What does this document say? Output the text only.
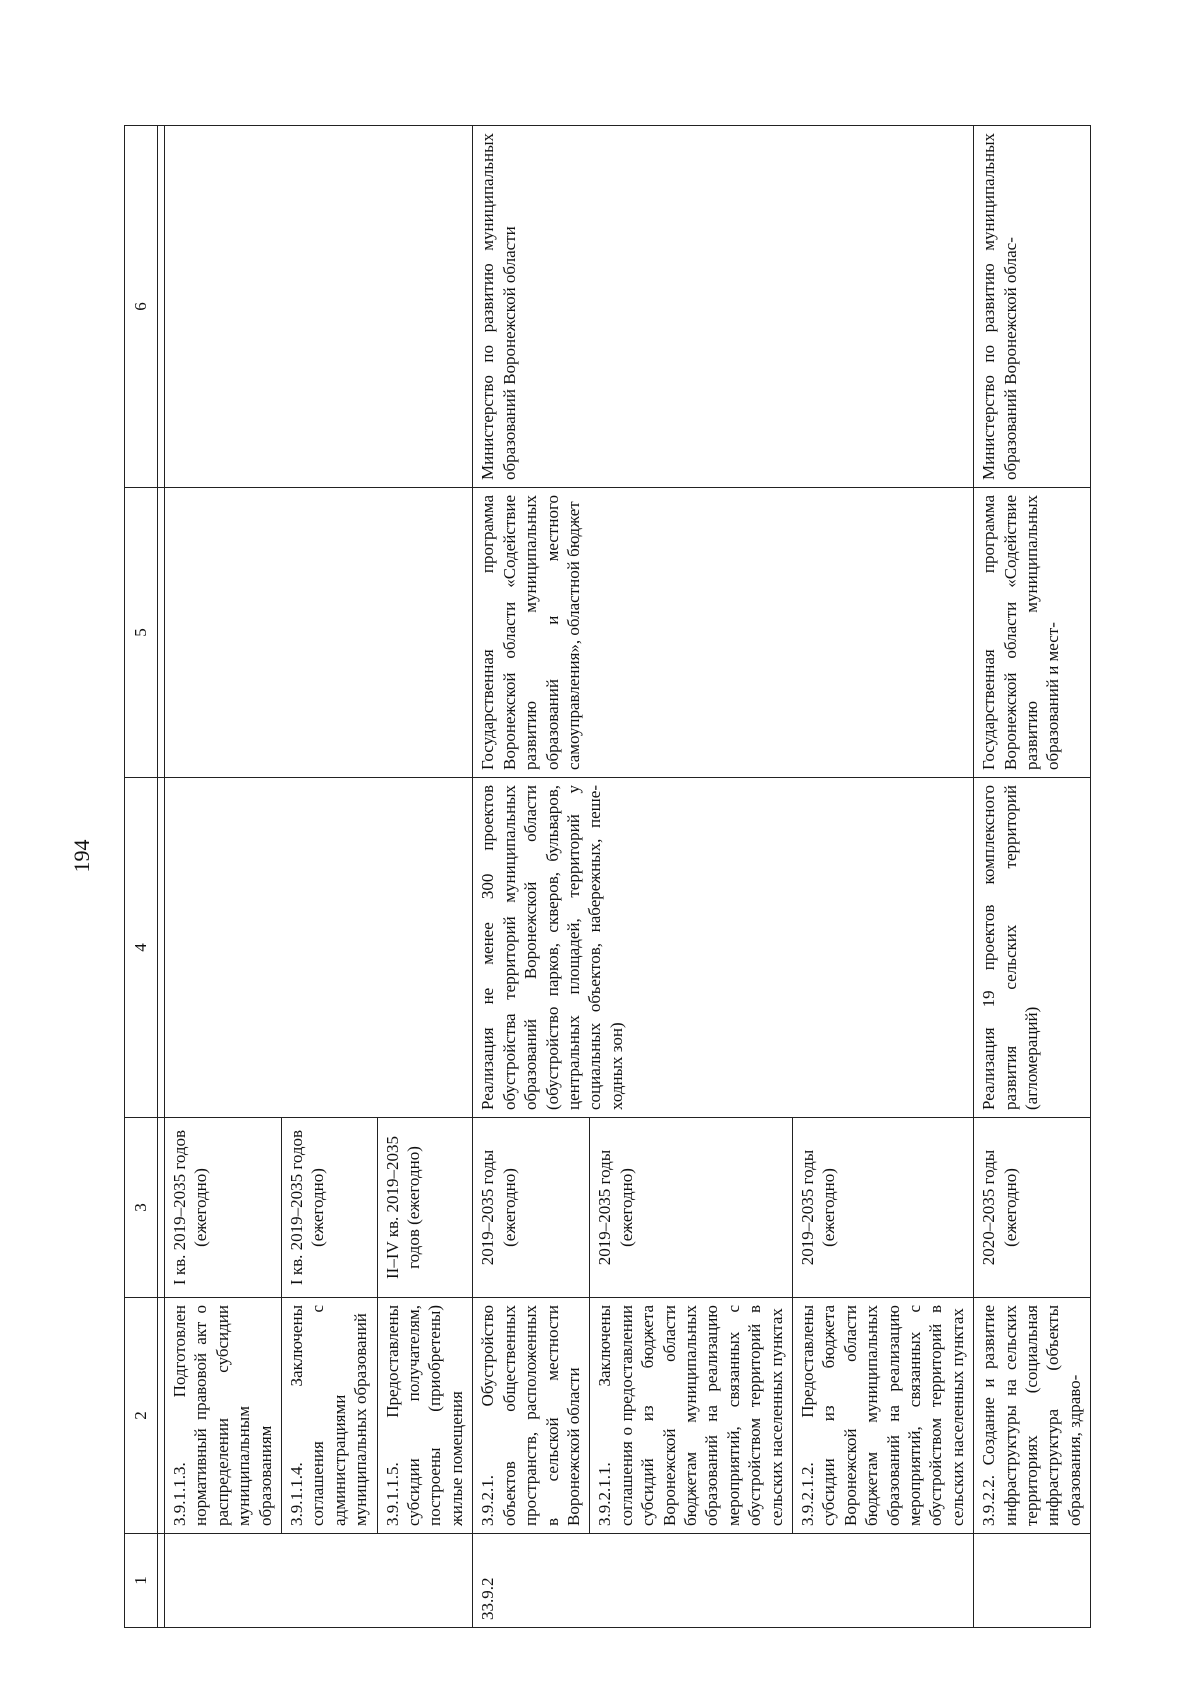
194
1	2	3	4	5	6

	3.9.1.1.3. Подготовлен нормативный правовой акт о распределении субсидии муниципальным образованиям	I кв. 2019–2035 годов (ежегодно)			
	3.9.1.1.4. Заключены соглашения с администрациями муниципальных образований	I кв. 2019–2035 годов (ежегодно)			
	3.9.1.1.5. Предоставлены субсидии получателям, построены (приобретены) жилые помещения	II–IV кв. 2019–2035 годов (ежегодно)			
33.9.2	3.9.2.1. Обустройство объектов общественных пространств, расположенных в сельской местности Воронежской области	2019–2035 годы (ежегодно)	Реализация не менее 300 проектов обустройства территорий муниципальных образований Воронежской области (обустройство парков, скверов, бульваров, центральных площадей, территорий у социальных объектов, набережных, пешеходных зон)	Государственная программа Воронежской области «Содействие развитию муниципальных образований и местного самоуправления», областной бюджет	Министерство по развитию муниципальных образований Воронежской области
	3.9.2.1.1. Заключены соглашения о предоставлении субсидий из бюджета Воронежской области бюджетам муниципальных образований на реализацию мероприятий, связанных с обустройством территорий в сельских населенных пунктах	2019–2035 годы (ежегодно)			
	3.9.2.1.2. Предоставлены субсидии из бюджета Воронежской области бюджетам муниципальных образований на реализацию мероприятий, связанных с обустройством территорий в сельских населенных пунктах	2019–2035 годы (ежегодно)			
	3.9.2.2. Создание и развитие инфраструктуры на сельских территориях (социальная инфраструктура (объекты образования, здраво-	2020–2035 годы (ежегодно)	Реализация 19 проектов комплексного развития сельских территорий (агломераций)	Государственная программа Воронежской области «Содействие развитию муниципальных образований и мест-	Министерство по развитию муниципальных образований Воронежской облас-
